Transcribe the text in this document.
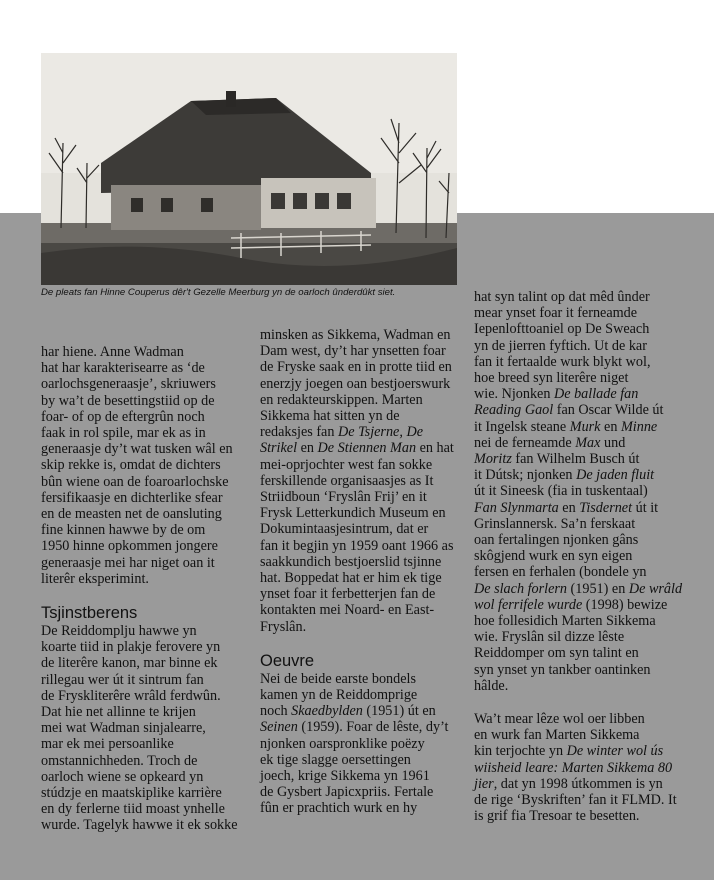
De pleats fan Hinne Couperus dêr't Gezelle Meerburg yn de oarloch ûnderdûkt siet.

har hiene. Anne Wadman
hat har karakterisearre as ‘de
oarlochsgeneraasje’, skriuwers
by wa’t de besettingstiid op de
foar- of op de eftergrûn noch
faak in rol spile, mar ek as in
generaasje dy’t wat tusken wâl en
skip rekke is, omdat de dichters
bûn wiene oan de foaroarlochske
fersifikaasje en dichterlike sfear
en de measten net de oansluting
fine kinnen hawwe by de om
1950 hinne opkommen jongere
generaasje mei har niget oan it
literêr eksperimint.

Tsjinstberens

De Reiddomplju hawwe yn
koarte tiid in plakje ferovere yn
de literêre kanon, mar binne ek
rillegau wer út it sintrum fan
de Fryskliterêre wrâld ferdwûn.
Dat hie net allinne te krijen
mei wat Wadman sinjalearre,
mar ek mei persoanlike
omstannichheden. Troch de
oarloch wiene se opkeard yn
stúdzje en maatskiplike karrière
en dy ferlerne tiid moast ynhelle
wurde. Tagelyk hawwe it ek sokke

minsken as Sikkema, Wadman en
Dam west, dy’t har ynsetten foar
de Fryske saak en in protte tiid en
enerzjy joegen oan bestjoerswurk
en redakteurskippen. Marten
Sikkema hat sitten yn de
redaksjes fan De Tsjerne, De
Strikel en De Stiennen Man en hat
mei-oprjochter west fan sokke
ferskillende organisaasjes as It
Striidboun ‘Fryslân Frij’ en it
Frysk Letterkundich Museum en
Dokumintaasjesintrum, dat er
fan it begjin yn 1959 oant 1966 as
saakkundich bestjoerslid tsjinne
hat. Boppedat hat er him ek tige
ynset foar it ferbetterjen fan de
kontakten mei Noard- en East-
Fryslân.

Oeuvre

Nei de beide earste bondels
kamen yn de Reiddomprige
noch Skaedbylden (1951) út en
Seinen (1959). Foar de lêste, dy’t
njonken oarspronklike poëzy
ek tige slagge oersettingen
joech, krige Sikkema yn 1961
de Gysbert Japicxpriis. Fertale
fûn er prachtich wurk en hy

hat syn talint op dat mêd ûnder
mear ynset foar it ferneamde
Iepenlofttoaniel op De Sweach
yn de jierren fyftich. Ut de kar
fan it fertaalde wurk blykt wol,
hoe breed syn literêre niget
wie. Njonken De ballade fan
Reading Gaol fan Oscar Wilde út
it Ingelsk steane Murk en Minne
nei de ferneamde Max und
Moritz fan Wilhelm Busch út
it Dútsk; njonken De jaden fluit
út it Sineesk (fia in tuskentaal)
Fan Slynmarta en Tisdernet út it
Grinslannersk. Sa’n ferskaat
oan fertalingen njonken gâns
skôgjend wurk en syn eigen
fersen en ferhalen (bondele yn
De slach forlern (1951) en De wrâld
wol ferrifele wurde (1998) bewize
hoe follesidich Marten Sikkema
wie. Fryslân sil dizze lêste
Reiddomper om syn talint en
syn ynset yn tankber oantinken
hâlde.

Wa’t mear lêze wol oer libben
en wurk fan Marten Sikkema
kin terjochte yn De winter wol ús
wiisheid leare: Marten Sikkema 80
jier, dat yn 1998 útkommen is yn
de rige ‘Byskriften’ fan it FLMD. It
is grif fia Tresoar te besetten.
